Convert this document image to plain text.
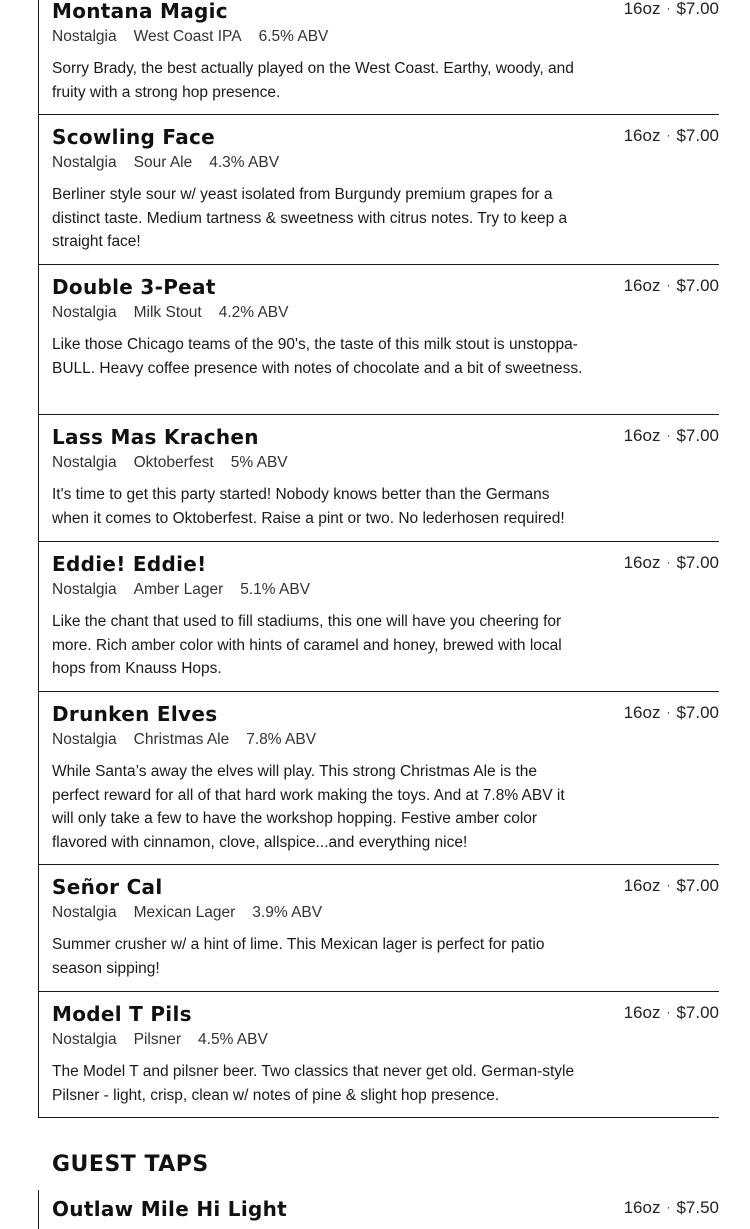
Montana Magic
Nostalgia West Coast IPA 6.5% ABV
Sorry Brady, the best actually played on the West Coast. Earthy, woody, and fruity with a strong hop presence.
16oz · $7.00
Scowling Face
Nostalgia Sour Ale 4.3% ABV
Berliner style sour w/ yeast isolated from Burgundy premium grapes for a distinct taste. Medium tartness & sweetness with citrus notes. Try to keep a straight face!
16oz · $7.00
Double 3-Peat
Nostalgia Milk Stout 4.2% ABV
Like those Chicago teams of the 90's, the taste of this milk stout is unstoppa-BULL. Heavy coffee presence with notes of chocolate and a bit of sweetness.
16oz · $7.00
Lass Mas Krachen
Nostalgia Oktoberfest 5% ABV
It's time to get this party started! Nobody knows better than the Germans when it comes to Oktoberfest. Raise a pint or two. No lederhosen required!
16oz · $7.00
Eddie! Eddie!
Nostalgia Amber Lager 5.1% ABV
Like the chant that used to fill stadiums, this one will have you cheering for more. Rich amber color with hints of caramel and honey, brewed with local hops from Knauss Hops.
16oz · $7.00
Drunken Elves
Nostalgia Christmas Ale 7.8% ABV
While Santa’s away the elves will play. This strong Christmas Ale is the perfect reward for all of that hard work making the toys. And at 7.8% ABV it will only take a few to have the workshop hopping. Festive amber color flavored with cinnamon, clove, allspice...and everything nice!
16oz · $7.00
Señor Cal
Nostalgia Mexican Lager 3.9% ABV
Summer crusher w/ a hint of lime. This Mexican lager is perfect for patio season sipping!
16oz · $7.00
Model T Pils
Nostalgia Pilsner 4.5% ABV
The Model T and pilsner beer. Two classics that never get old. German-style Pilsner - light, crisp, clean w/ notes of pine & slight hop presence.
16oz · $7.00
GUEST TAPS
Outlaw Mile Hi Light	16oz · $7.50
